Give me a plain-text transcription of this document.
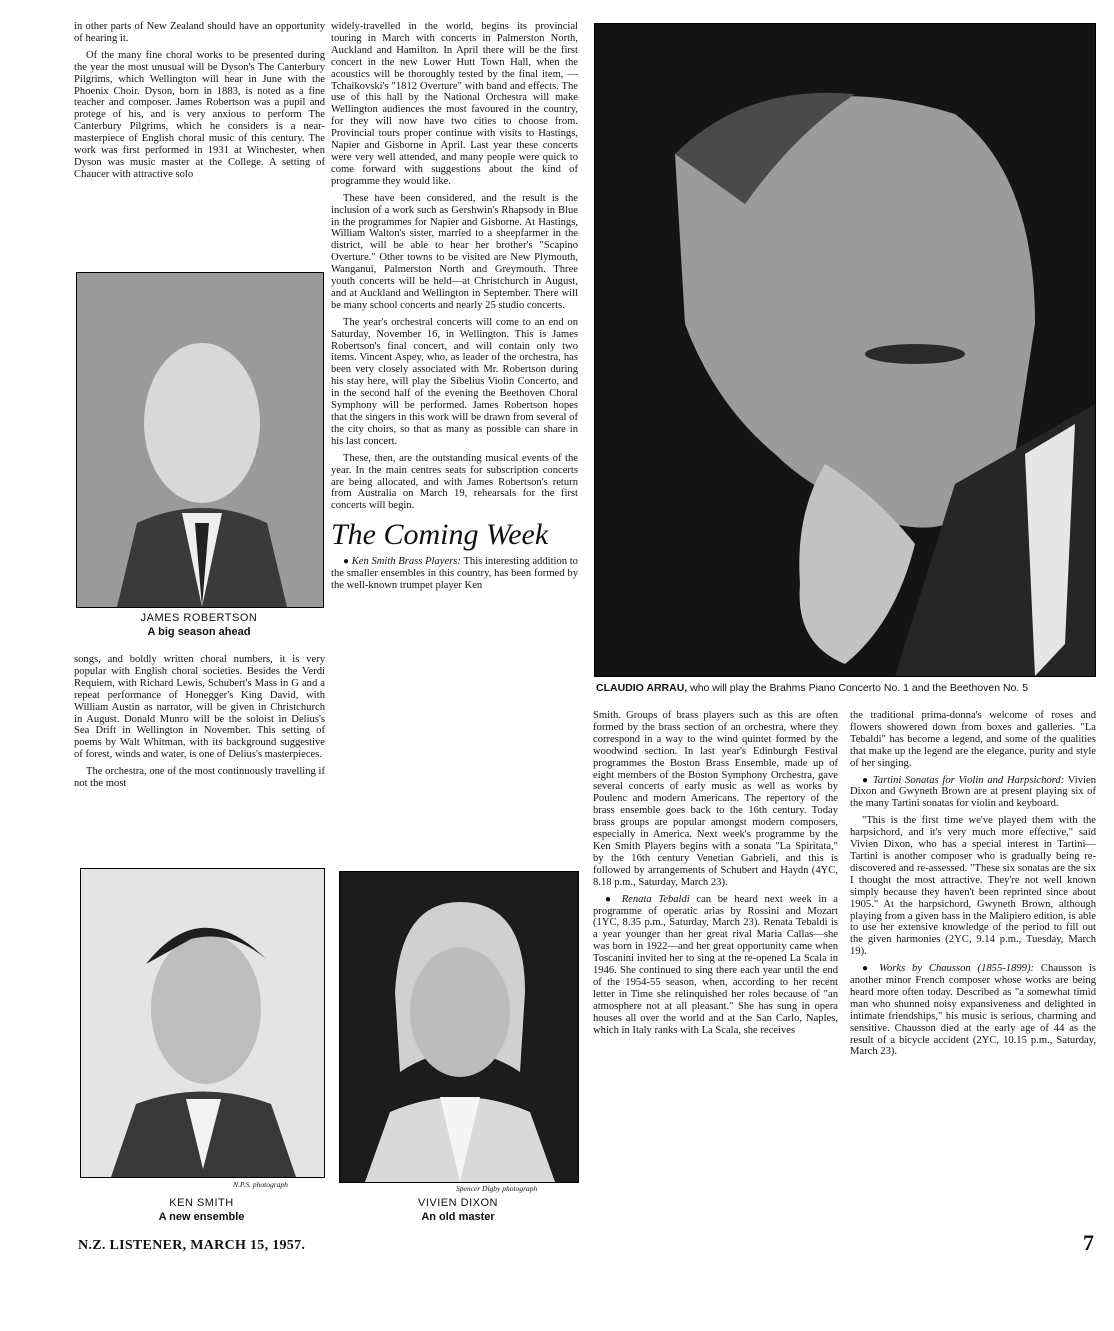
in other parts of New Zealand should have an opportunity of hearing it.

Of the many fine choral works to be presented during the year the most unusual will be Dyson's The Canterbury Pilgrims, which Wellington will hear in June with the Phoenix Choir. Dyson, born in 1883, is noted as a fine teacher and composer. James Robertson was a pupil and protege of his, and is very anxious to perform The Canterbury Pilgrims, which he considers is a near-masterpiece of English choral music of this century. The work was first performed in 1931 at Winchester, when Dyson was music master at the College. A setting of Chaucer with attractive solo

JAMES ROBERTSON
A big season ahead

songs, and boldly written choral numbers, it is very popular with English choral societies. Besides the Verdi Requiem, with Richard Lewis, Schubert's Mass in G and a repeat performance of Honegger's King David, with William Austin as narrator, will be given in Christchurch in August. Donald Munro will be the soloist in Delius's Sea Drift in Wellington in November. This setting of poems by Walt Whitman, with its background suggestive of forest, winds and water, is one of Delius's masterpieces.

The orchestra, one of the most continuously travelling if not the most

widely-travelled in the world, begins its provincial touring in March with concerts in Palmerston North, Auckland and Hamilton. In April there will be the first concert in the new Lower Hutt Town Hall, when the acoustics will be thoroughly tested by the final item, —Tchaikovski's "1812 Overture" with band and effects. The use of this hall by the National Orchestra will make Wellington audiences the most favoured in the country, for they will now have two cities to choose from. Provincial tours proper continue with visits to Hastings, Napier and Gisborne in April. Last year these concerts were very well attended, and many people were quick to come forward with suggestions about the kind of programme they would like.

These have been considered, and the result is the inclusion of a work such as Gershwin's Rhapsody in Blue in the programmes for Napier and Gisborne. At Hastings, William Walton's sister, married to a sheepfarmer in the district, will be able to hear her brother's "Scapino Overture." Other towns to be visited are New Plymouth, Wanganui, Palmerston North and Greymouth. Three youth concerts will be held—at Christchurch in August, and at Auckland and Wellington in September. There will be many school concerts and nearly 25 studio concerts.

The year's orchestral concerts will come to an end on Saturday, November 16, in Wellington. This is James Robertson's final concert, and will contain only two items. Vincent Aspey, who, as leader of the orchestra, has been very closely associated with Mr. Robertson during his stay here, will play the Sibelius Violin Concerto, and in the second half of the evening the Beethoven Choral Symphony will be performed. James Robertson hopes that the singers in this work will be drawn from several of the city choirs, so that as many as possible can share in his last concert.

These, then, are the outstanding musical events of the year. In the main centres seats for subscription concerts are being allocated, and with James Robertson's return from Australia on March 19, rehearsals for the first concerts will begin.

The Coming Week

● Ken Smith Brass Players: This interesting addition to the smaller ensembles in this country, has been formed by the well-known trumpet player Ken

CLAUDIO ARRAU, who will play the Brahms Piano Concerto No. 1 and the Beethoven No. 5

Smith. Groups of brass players such as this are often formed by the brass section of an orchestra, where they correspond in a way to the wind quintet formed by the woodwind section. In last year's Edinburgh Festival programmes the Boston Brass Ensemble, made up of eight members of the Boston Symphony Orchestra, gave several concerts of early music as well as works by Poulenc and modern Americans. The repertory of the brass ensemble goes back to the 16th century. Today brass groups are popular amongst modern composers, especially in America. Next week's programme by the Ken Smith Players begins with a sonata "La Spiritata," by the 16th century Venetian Gabrieli, and this is followed by arrangements of Schubert and Haydn (4YC, 8.18 p.m., Saturday, March 23).

● Renata Tebaldi can be heard next week in a programme of operatic arias by Rossini and Mozart (1YC, 8.35 p.m., Saturday, March 23). Renata Tebaldi is a year younger than her great rival Maria Callas—she was born in 1922—and her great opportunity came when Toscanini invited her to sing at the re-opened La Scala in 1946. She continued to sing there each year until the end of the 1954-55 season, when, according to her recent letter in Time she relinquished her roles because of "an atmosphere not at all pleasant." She has sung in opera houses all over the world and at the San Carlo, Naples, which in Italy ranks with La Scala, she receives

the traditional prima-donna's welcome of roses and flowers showered down from boxes and galleries. "La Tebaldi" has become a legend, and some of the qualities that make up the legend are the elegance, purity and style of her singing.

● Tartini Sonatas for Violin and Harpsichord: Vivien Dixon and Gwyneth Brown are at present playing six of the many Tartini sonatas for violin and keyboard.

"This is the first time we've played them with the harpsichord, and it's very much more effective," said Vivien Dixon, who has a special interest in Tartini—Tartini is another composer who is gradually being re-discovered and re-assessed. "These six sonatas are the six I thought the most attractive. They're not well known simply because they haven't been reprinted since about 1905." At the harpsichord, Gwyneth Brown, although playing from a given bass in the Malipiero edition, is able to use her extensive knowledge of the period to fill out the given harmonies (2YC, 9.14 p.m., Tuesday, March 19).

● Works by Chausson (1855-1899): Chausson is another minor French composer whose works are being heard more often today. Described as "a somewhat timid man who shunned noisy expansiveness and delighted in intimate friendships," his music is serious, charming and sensitive. Chausson died at the early age of 44 as the result of a bicycle accident (2YC, 10.15 p.m., Saturday, March 23).

N.P.S. photograph
KEN SMITH
A new ensemble
Spencer Digby photograph
VIVIEN DIXON
An old master
N.Z. LISTENER, MARCH 15, 1957.	7
